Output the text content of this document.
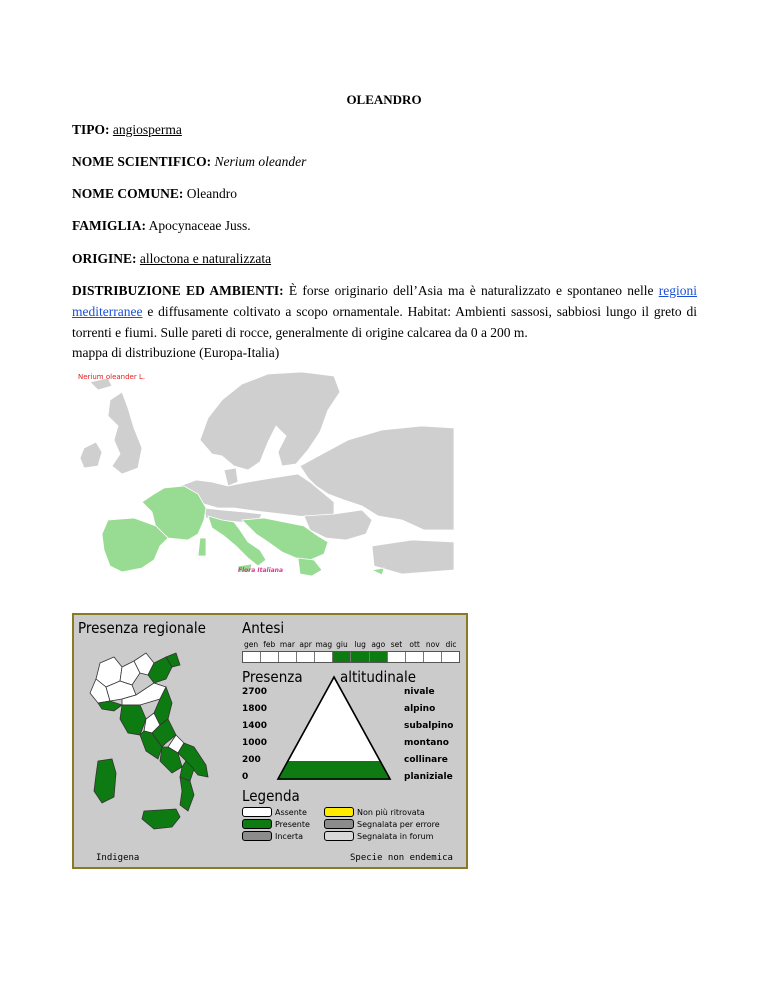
OLEANDRO
TIPO: angiosperma
NOME SCIENTIFICO: Nerium oleander
NOME COMUNE: Oleandro
FAMIGLIA: Apocynaceae Juss.
ORIGINE: alloctona e naturalizzata
DISTRIBUZIONE ED AMBIENTI: È forse originario dell’Asia ma è naturalizzato e spontaneo nelle regioni mediterranee e diffusamente coltivato a scopo ornamentale. Habitat: Ambienti sassosi, sabbiosi lungo il greto di torrenti e fiumi. Sulle pareti di rocce, generalmente di origine calcarea da 0 a 200 m.
mappa di distribuzione (Europa-Italia)
Nerium oleander L.
Flora Italiana
Presenza regionale Antesi
gen feb mar apr mag giu lug ago set ott nov dic
Presenza altitudinale
2700
1800
1400
1000
200
0
nivale
alpino
subalpino
montano
collinare
planiziale
Legenda
Assente
Presente
Incerta
Non più ritrovata
Segnalata per errore
Segnalata in forum
Indigena	Specie non endemica
